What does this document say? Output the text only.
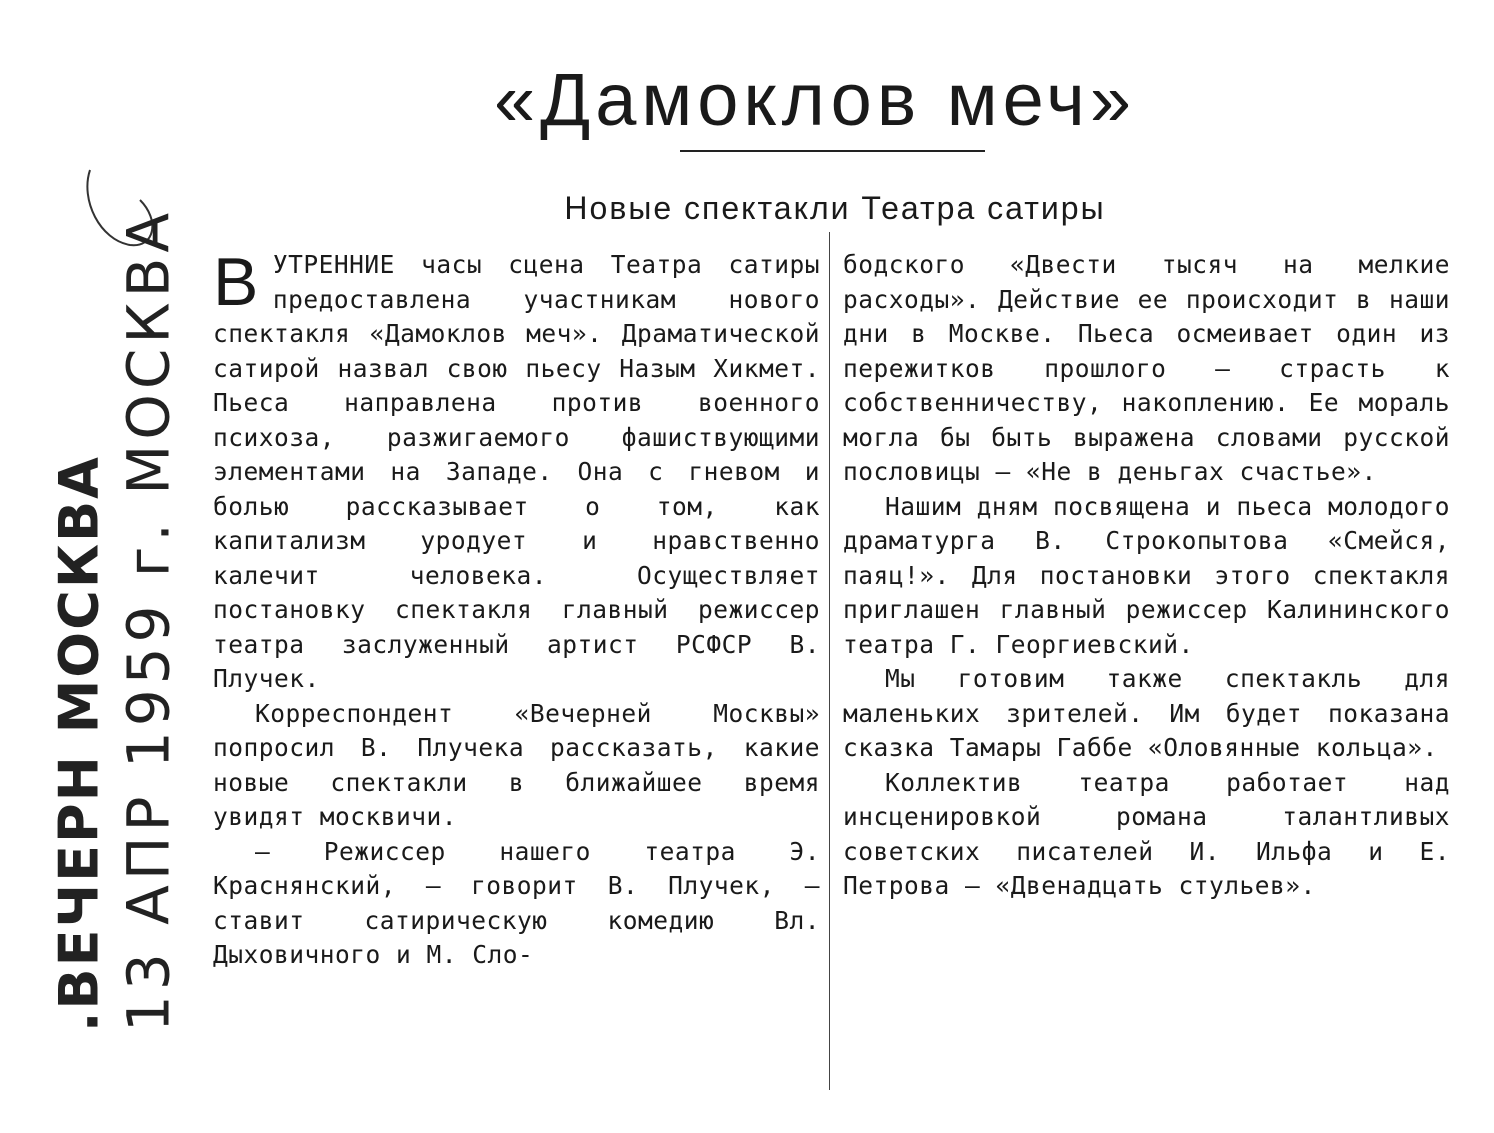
.ВЕЧЕРН МОСКВА 13 АПР 1959 г. МОСКВА
«Дамоклов меч»
Новые спектакли Театра сатиры

ВУТРЕННИЕ часы сцена Театра сатиры предоставлена участникам нового спектакля «Дамоклов меч». Драматической сатирой назвал свою пьесу Назым Хикмет. Пьеса направлена против военного психоза, разжигаемого фашиствующими элементами на Западе. Она с гневом и болью рассказывает о том, как капитализм уродует и нравственно калечит человека. Осуществляет постановку спектакля главный режиссер театра заслуженный артист РСФСР В. Плучек.

Корреспондент «Вечерней Москвы» попросил В. Плучека рассказать, какие новые спектакли в ближайшее время увидят москвичи.

— Режиссер нашего театра Э. Краснянский, — говорит В. Плучек, — ставит сатирическую комедию Вл. Дыховичного и М. Сло-

бодского «Двести тысяч на мелкие расходы». Действие ее происходит в наши дни в Москве. Пьеса осмеивает один из пережитков прошлого — страсть к собственничеству, накоплению. Ее мораль могла бы быть выражена словами русской пословицы — «Не в деньгах счастье».

Нашим дням посвящена и пьеса молодого драматурга В. Строкопытова «Смейся, паяц!». Для постановки этого спектакля приглашен главный режиссер Калининского театра Г. Георгиевский.

Мы готовим также спектакль для маленьких зрителей. Им будет показана сказка Тамары Габбе «Оловянные кольца».

Коллектив театра работает над инсценировкой романа талантливых советских писателей И. Ильфа и Е. Петрова — «Двенадцать стульев».
